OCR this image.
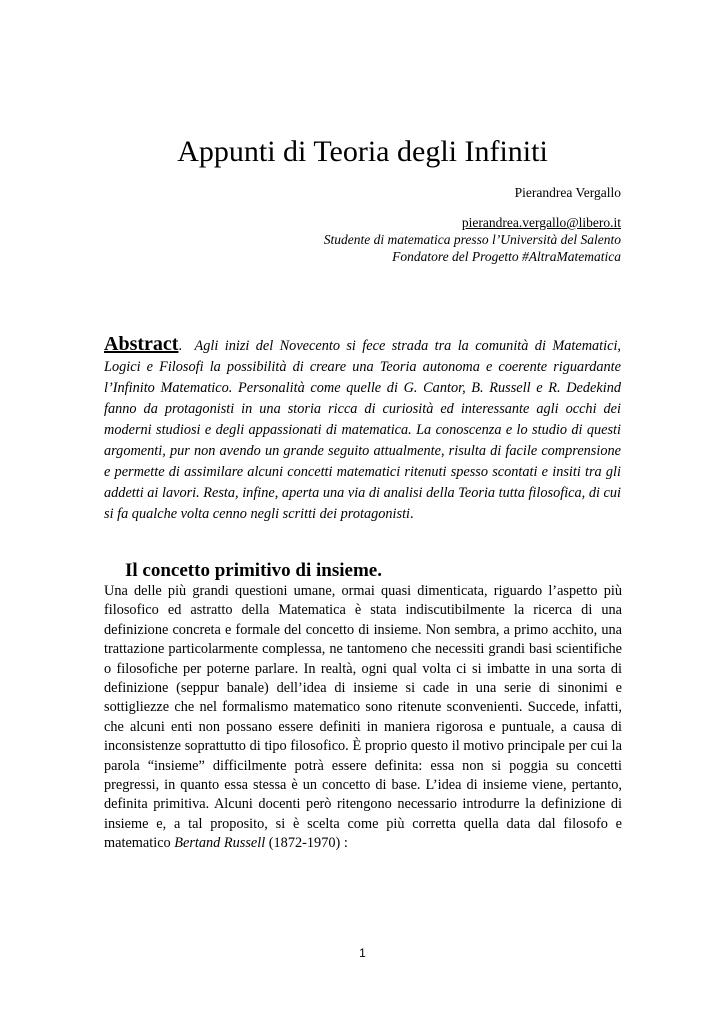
Appunti di Teoria degli Infiniti
Pierandrea Vergallo
pierandrea.vergallo@libero.it
Studente di matematica presso l’Università del Salento
Fondatore del Progetto #AltraMatematica
Abstract. Agli inizi del Novecento si fece strada tra la comunità di Matematici, Logici e Filosofi la possibilità di creare una Teoria autonoma e coerente riguardante l’Infinito Matematico. Personalità come quelle di G. Cantor, B. Russell e R. Dedekind fanno da protagonisti in una storia ricca di curiosità ed interessante agli occhi dei moderni studiosi e degli appassionati di matematica. La conoscenza e lo studio di questi argomenti, pur non avendo un grande seguito attualmente, risulta di facile comprensione e permette di assimilare alcuni concetti matematici ritenuti spesso scontati e insiti tra gli addetti ai lavori. Resta, infine, aperta una via di analisi della Teoria tutta filosofica, di cui si fa qualche volta cenno negli scritti dei protagonisti.
Il concetto primitivo di insieme.
Una delle più grandi questioni umane, ormai quasi dimenticata, riguardo l’aspetto più filosofico ed astratto della Matematica è stata indiscutibilmente la ricerca di una definizione concreta e formale del concetto di insieme. Non sembra, a primo acchito, una trattazione particolarmente complessa, ne tantomeno che necessiti grandi basi scientifiche o filosofiche per poterne parlare. In realtà, ogni qual volta ci si imbatte in una sorta di definizione (seppur banale) dell’idea di insieme si cade in una serie di sinonimi e sottigliezze che nel formalismo matematico sono ritenute sconvenienti. Succede, infatti, che alcuni enti non possano essere definiti in maniera rigorosa e puntuale, a causa di inconsistenze soprattutto di tipo filosofico. È proprio questo il motivo principale per cui la parola “insieme” difficilmente potrà essere definita: essa non si poggia su concetti pregressi, in quanto essa stessa è un concetto di base. L’idea di insieme viene, pertanto, definita primitiva. Alcuni docenti però ritengono necessario introdurre la definizione di insieme e, a tal proposito, si è scelta come più corretta quella data dal filosofo e matematico Bertand Russell (1872-1970) :
1
